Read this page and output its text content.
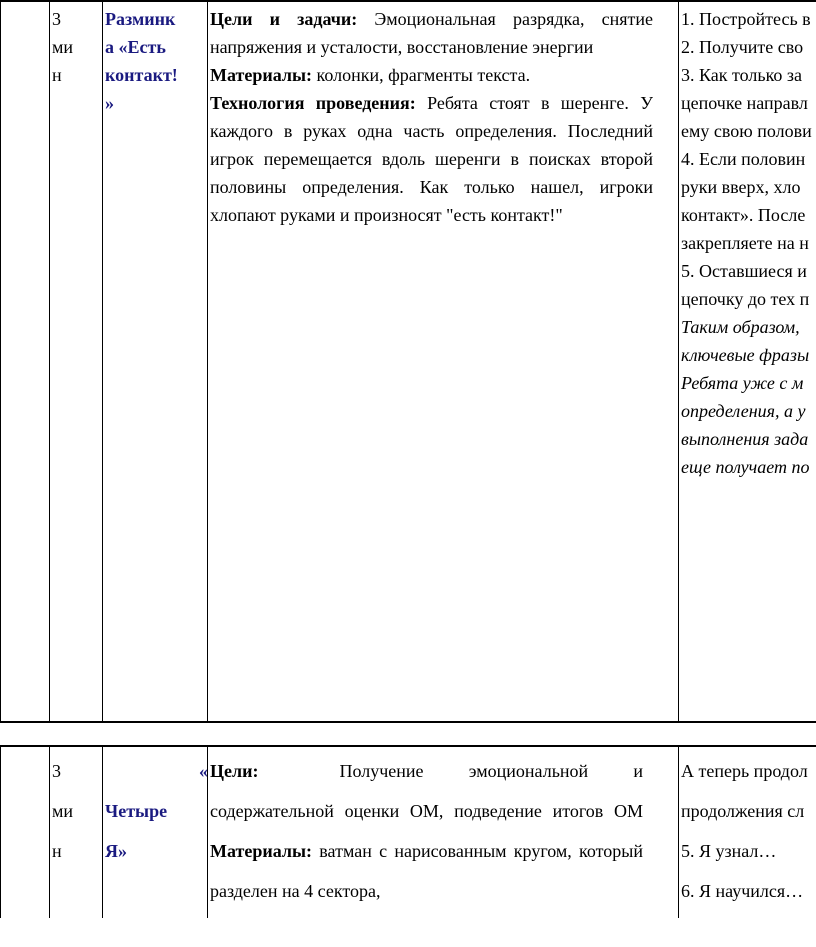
3

ми

н

Разминк

а «Есть

контакт!

»

Цели и задачи: Эмоциональная разрядка, снятие напряжения и усталости, восстановление энергии

Материалы: колонки, фрагменты текста.

Технология проведения: Ребята стоят в шеренге. У каждого в руках одна часть определения. Последний игрок перемещается вдоль шеренги в поисках второй половины определения. Как только нашел, игроки хлопают руками и произносят "есть контакт!"

1. Постройтесь в

2. Получите сво

3. Как только за

цепочке направл

ему свою полови

4. Если половин

руки вверх, хло

контакт». После

закрепляете на н

5. Оставшиеся и

цепочку до тех п

Таким образом,

ключевые фразы

Ребята уже с м

определения, а у

выполнения зада

еще получает по

3

ми

н

«

Четыре

Я»

Цели:     	Получение эмоциональной и содержательной оценки ОМ, подведение итогов ОМ Материалы: ватман с нарисованным кругом, который разделен на 4 сектора,

А теперь продол

продолжения сл

5. Я узнал…

6. Я научился…
